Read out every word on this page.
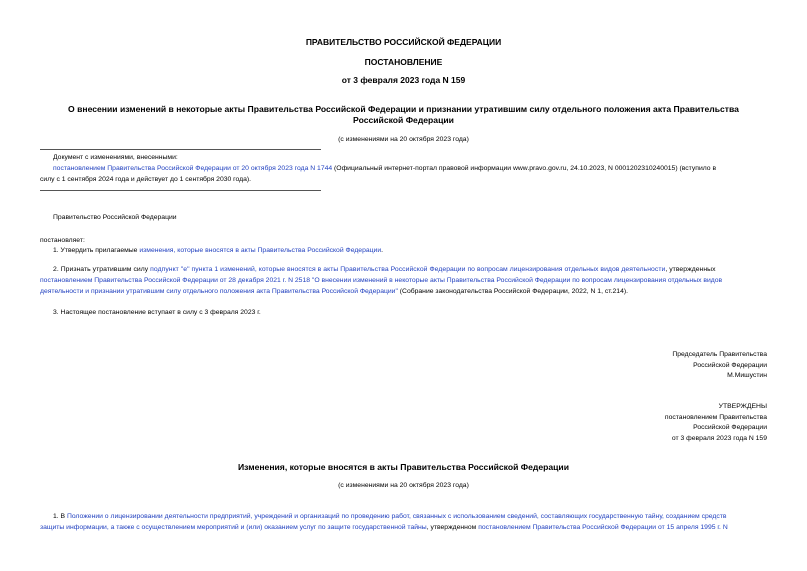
ПРАВИТЕЛЬСТВО РОССИЙСКОЙ ФЕДЕРАЦИИ
ПОСТАНОВЛЕНИЕ
от 3 февраля 2023 года N 159
О внесении изменений в некоторые акты Правительства Российской Федерации и признании утратившим силу отдельного положения акта Правительства
Российской Федерации
(с изменениями на 20 октября 2023 года)
Документ с изменениями, внесенными:
постановлением Правительства Российской Федерации от 20 октября 2023 года N 1744 (Официальный интернет-портал правовой информации www.pravo.gov.ru, 24.10.2023, N 0001202310240015) (вступило в
силу с 1 сентября 2024 года и действует до 1 сентября 2030 года).
Правительство Российской Федерации
постановляет:
1. Утвердить прилагаемые изменения, которые вносятся в акты Правительства Российской Федерации.
2. Признать утратившим силу подпункт "е" пункта 1 изменений, которые вносятся в акты Правительства Российской Федерации по вопросам лицензирования отдельных видов деятельности, утвержденных
постановлением Правительства Российской Федерации от 28 декабря 2021 г. N 2518 "О внесении изменений в некоторые акты Правительства Российской Федерации по вопросам лицензирования отдельных видов
деятельности и признании утратившим силу отдельного положения акта Правительства Российской Федерации" (Собрание законодательства Российской Федерации, 2022, N 1, ст.214).
3. Настоящее постановление вступает в силу с 3 февраля 2023 г.
Председатель Правительства
Российской Федерации
М.Мишустин
УТВЕРЖДЕНЫ
постановлением Правительства
Российской Федерации
от 3 февраля 2023 года N 159
Изменения, которые вносятся в акты Правительства Российской Федерации
(с изменениями на 20 октября 2023 года)
1. В Положении о лицензировании деятельности предприятий, учреждений и организаций по проведению работ, связанных с использованием сведений, составляющих государственную тайну, созданием средств
защиты информации, а также с осуществлением мероприятий и (или) оказанием услуг по защите государственной тайны, утвержденном постановлением Правительства Российской Федерации от 15 апреля 1995 г. N
